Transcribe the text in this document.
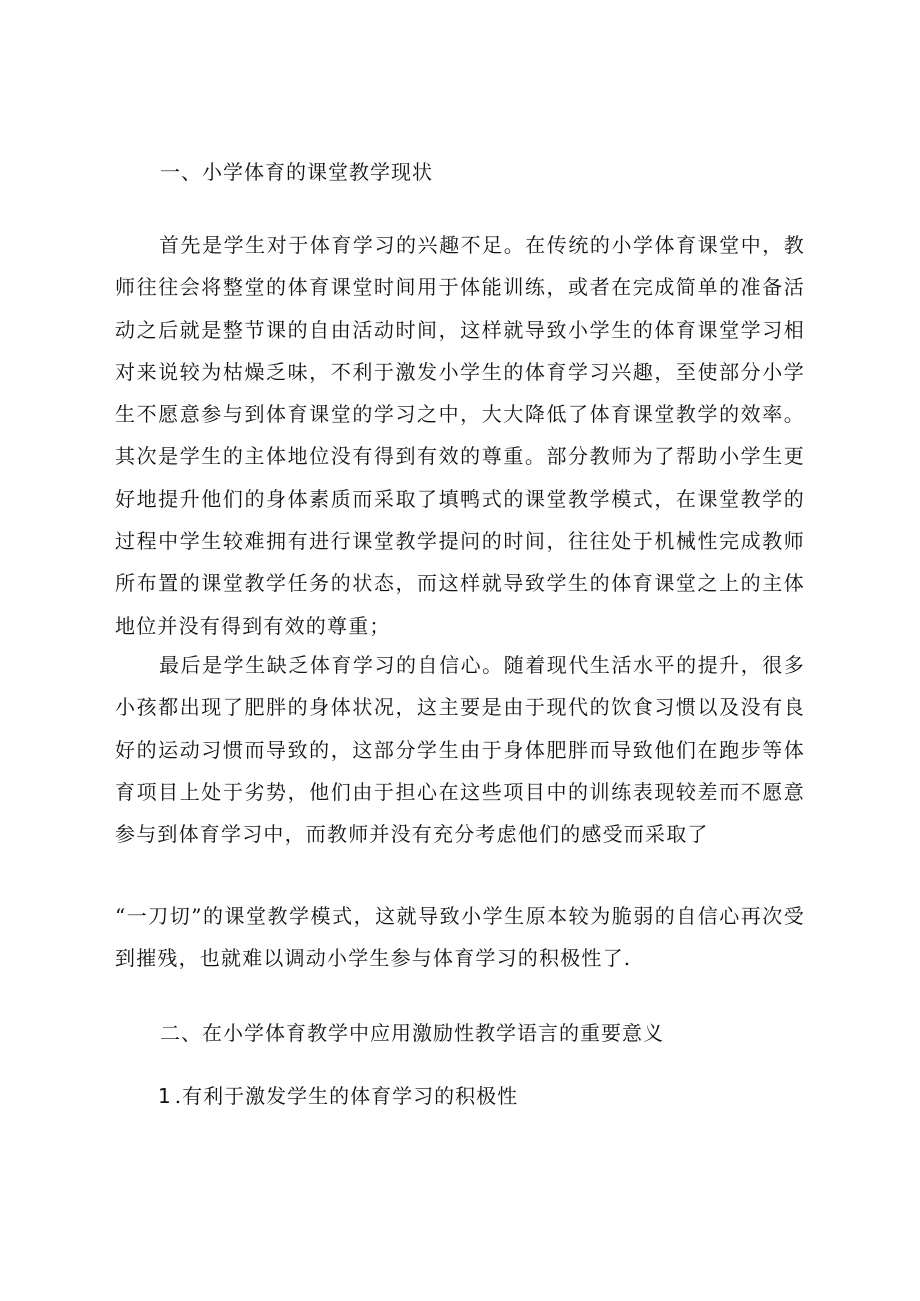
一、小学体育的课堂教学现状
首先是学生对于体育学习的兴趣不足。在传统的小学体育课堂中，教师往往会将整堂的体育课堂时间用于体能训练，或者在完成简单的准备活动之后就是整节课的自由活动时间，这样就导致小学生的体育课堂学习相对来说较为枯燥乏味，不利于激发小学生的体育学习兴趣，至使部分小学生不愿意参与到体育课堂的学习之中，大大降低了体育课堂教学的效率。其次是学生的主体地位没有得到有效的尊重。部分教师为了帮助小学生更好地提升他们的身体素质而采取了填鸭式的课堂教学模式，在课堂教学的过程中学生较难拥有进行课堂教学提问的时间，往往处于机械性完成教师所布置的课堂教学任务的状态，而这样就导致学生的体育课堂之上的主体地位并没有得到有效的尊重；
最后是学生缺乏体育学习的自信心。随着现代生活水平的提升，很多小孩都出现了肥胖的身体状况，这主要是由于现代的饮食习惯以及没有良好的运动习惯而导致的，这部分学生由于身体肥胖而导致他们在跑步等体育项目上处于劣势，他们由于担心在这些项目中的训练表现较差而不愿意参与到体育学习中，而教师并没有充分考虑他们的感受而采取了
“一刀切”的课堂教学模式，这就导致小学生原本较为脆弱的自信心再次受到摧残，也就难以调动小学生参与体育学习的积极性了.
二、在小学体育教学中应用激励性教学语言的重要意义
1.有利于激发学生的体育学习的积极性
